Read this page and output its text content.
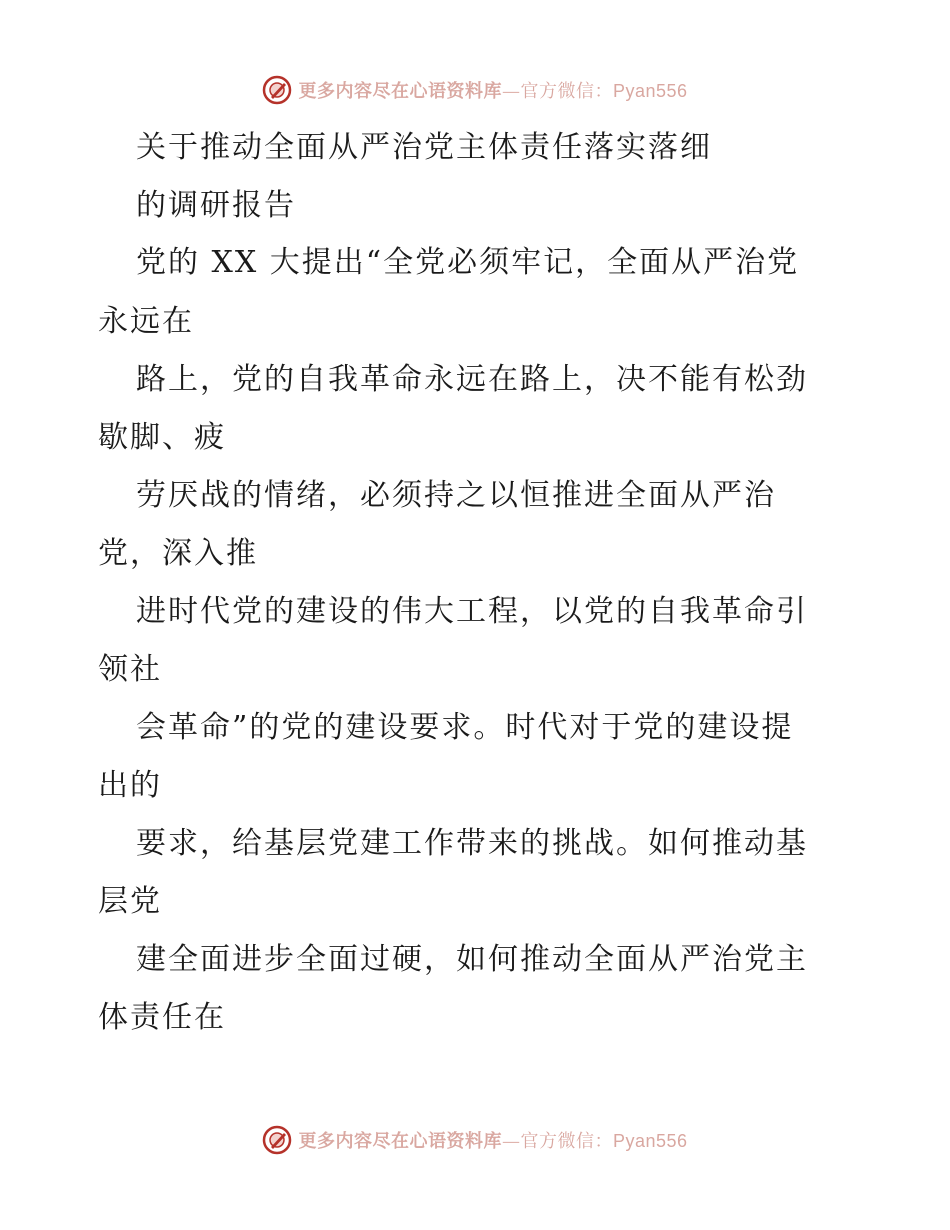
更多内容尽在心语资料库—官方微信：Pyan556
关于推动全面从严治党主体责任落实落细
的调研报告
党的 XX 大提出“全党必须牢记，全面从严治党
永远在
路上，党的自我革命永远在路上，决不能有松劲
歇脚、疲
劳厌战的情绪，必须持之以恒推进全面从严治
党，深入推
进时代党的建设的伟大工程，以党的自我革命引
领社
会革命”的党的建设要求。时代对于党的建设提
出的
要求，给基层党建工作带来的挑战。如何推动基
层党
建全面进步全面过硬，如何推动全面从严治党主
体责任在
更多内容尽在心语资料库—官方微信：Pyan556
